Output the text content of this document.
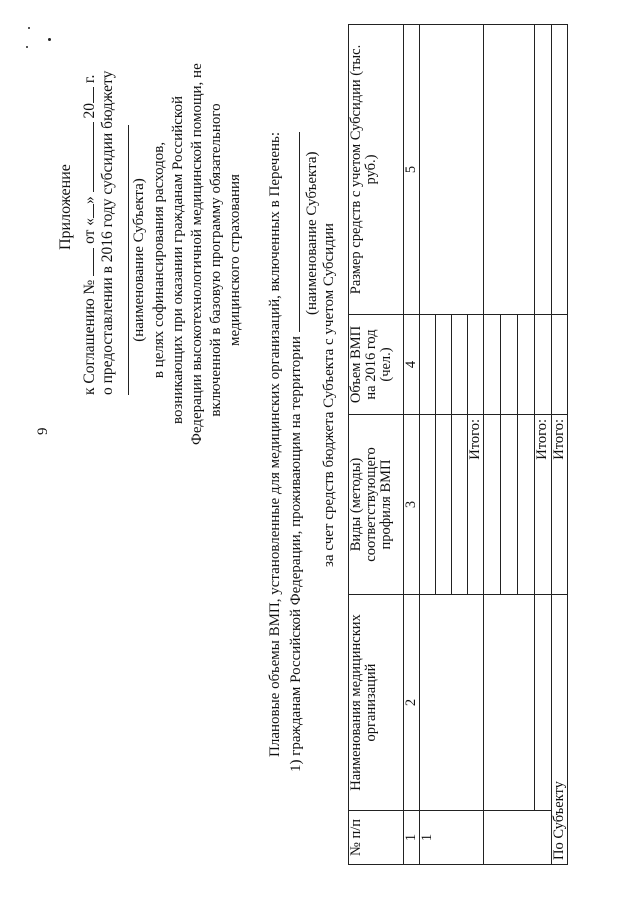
9
Приложение
к Соглашению №  от «»  20 г. о предоставлении в 2016 году субсидии бюджету (наименование Субъекта) в целях софинансирования расходов, возникающих при оказании гражданам Российской Федерации высокотехнологичной медицинской помощи, не включенной в базовую программу обязательного медицинского страхования Плановые объемы ВМП, установленные для медицинских организаций, включенных в Перечень: 1) гражданам Российской Федерации, проживающим на территории
(наименование Субъекта) за счет средств бюджета Субъекта с учетом Субсидии
№ п/п	Наименования медицинских организаций	Виды (методы) соответствующего профиля ВМП	Объем ВМП на 2016 год (чел.)	Размер средств с учетом Субсидии (тыс. руб.)
1	2	3	4	5
1				

		Итого:		

		Итого:		
По Субъекту		Итого:		
